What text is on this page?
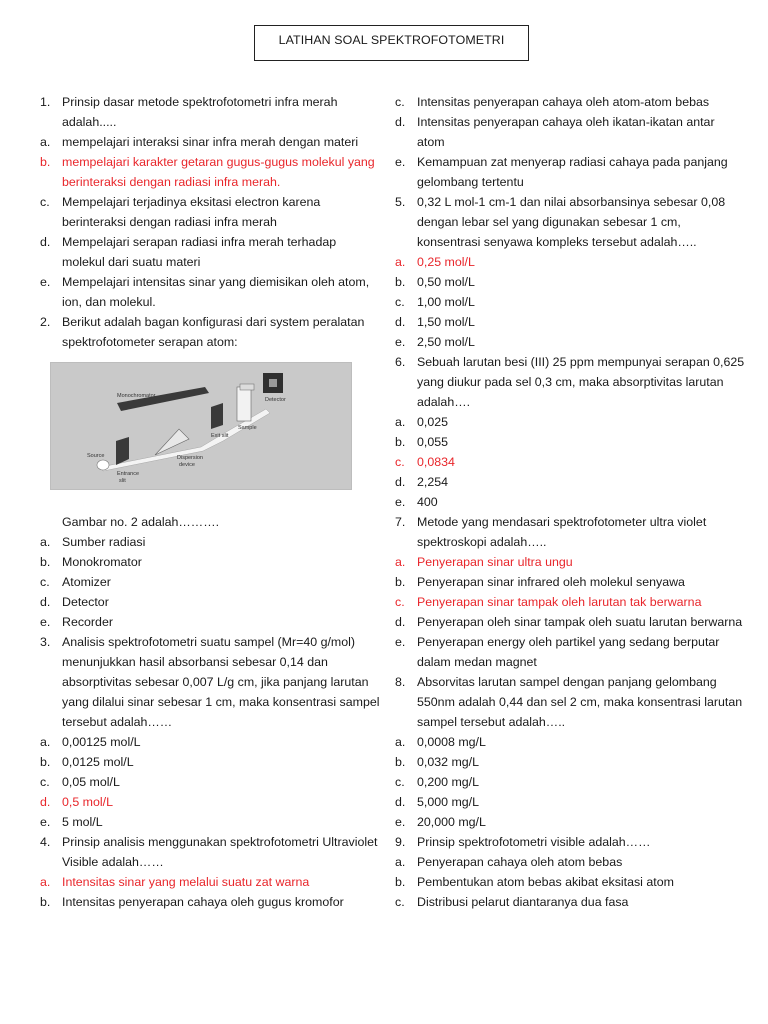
LATIHAN SOAL SPEKTROFOTOMETRI
1. Prinsip dasar metode spektrofotometri infra merah adalah.....
a. mempelajari interaksi sinar infra merah dengan materi
b. mempelajari karakter getaran gugus-gugus molekul yang berinteraksi dengan radiasi infra merah.
c. Mempelajari terjadinya eksitasi electron karena berinteraksi dengan radiasi infra merah
d. Mempelajari serapan radiasi infra merah terhadap molekul dari suatu materi
e. Mempelajari intensitas sinar yang diemisikan oleh atom, ion, dan molekul.
2. Berikut adalah bagan konfigurasi dari system peralatan spektrofotometer serapan atom:
Monochromator
Detector
Sample
Exit slit
Source
Entrance
slit
Dispersion
device
Gambar no. 2 adalah……….
a. Sumber radiasi
b. Monokromator
c. Atomizer
d. Detector
e. Recorder
3. Analisis spektrofotometri suatu sampel (Mr=40 g/mol) menunjukkan hasil absorbansi sebesar 0,14 dan absorptivitas sebesar 0,007 L/g cm, jika panjang larutan yang dilalui sinar sebesar 1 cm, maka konsentrasi sampel tersebut adalah……
a. 0,00125 mol/L
b. 0,0125 mol/L
c. 0,05 mol/L
d. 0,5 mol/L
e. 5 mol/L
4. Prinsip analisis menggunakan spektrofotometri Ultraviolet Visible adalah……
a. Intensitas sinar yang melalui suatu zat warna
b. Intensitas penyerapan cahaya oleh gugus kromofor
c. Intensitas penyerapan cahaya oleh atom-atom bebas
d. Intensitas penyerapan cahaya oleh ikatan-ikatan antar atom
e. Kemampuan zat menyerap radiasi cahaya pada panjang gelombang tertentu
5. 0,32 L mol-1 cm-1 dan nilai absorbansinya sebesar 0,08 dengan lebar sel yang digunakan sebesar 1 cm, konsentrasi senyawa kompleks tersebut adalah…..
a. 0,25 mol/L
b. 0,50 mol/L
c. 1,00 mol/L
d. 1,50 mol/L
e. 2,50 mol/L
6. Sebuah larutan besi (III) 25 ppm mempunyai serapan 0,625 yang diukur pada sel 0,3 cm, maka absorptivitas larutan adalah….
a. 0,025
b. 0,055
c. 0,0834
d. 2,254
e. 400
7. Metode yang mendasari spektrofotometer ultra violet spektroskopi adalah…..
a. Penyerapan sinar ultra ungu
b. Penyerapan sinar infrared oleh molekul senyawa
c. Penyerapan sinar tampak oleh larutan tak berwarna
d. Penyerapan oleh sinar tampak oleh suatu larutan berwarna
e. Penyerapan energy oleh partikel yang sedang berputar dalam medan magnet
8. Absorvitas larutan sampel dengan panjang gelombang 550nm adalah 0,44 dan sel 2 cm, maka konsentrasi larutan sampel tersebut adalah…..
a. 0,0008 mg/L
b. 0,032 mg/L
c. 0,200 mg/L
d. 5,000 mg/L
e. 20,000 mg/L
9. Prinsip spektrofotometri visible adalah……
a. Penyerapan cahaya oleh atom bebas
b. Pembentukan atom bebas akibat eksitasi atom
c. Distribusi pelarut diantaranya dua fasa
